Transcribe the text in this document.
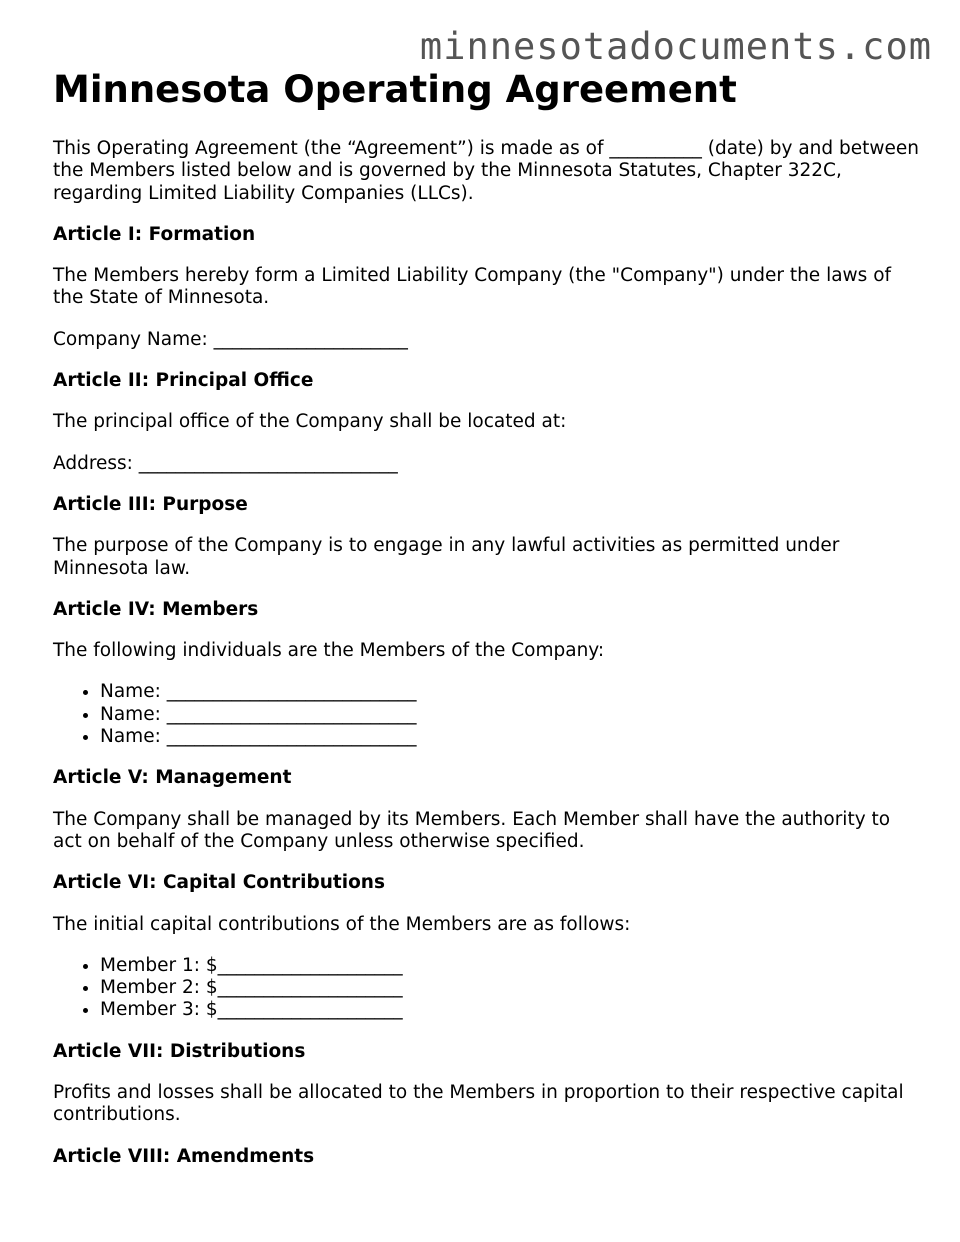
minnesotadocuments.com
Minnesota Operating Agreement

This Operating Agreement (the “Agreement”) is made as of __________ (date) by and between the Members listed below and is governed by the Minnesota Statutes, Chapter 322C, regarding Limited Liability Companies (LLCs).

Article I: Formation

The Members hereby form a Limited Liability Company (the "Company") under the laws of the State of Minnesota.

Company Name: _____________________

Article II: Principal Office

The principal office of the Company shall be located at:

Address: ____________________________

Article III: Purpose

The purpose of the Company is to engage in any lawful activities as permitted under Minnesota law.

Article IV: Members

The following individuals are the Members of the Company:

• Name: ___________________________
• Name: ___________________________
• Name: ___________________________
Article V: Management

The Company shall be managed by its Members. Each Member shall have the authority to act on behalf of the Company unless otherwise specified.

Article VI: Capital Contributions

The initial capital contributions of the Members are as follows:

• Member 1: $____________________
• Member 2: $____________________
• Member 3: $____________________
Article VII: Distributions

Profits and losses shall be allocated to the Members in proportion to their respective capital contributions.

Article VIII: Amendments
